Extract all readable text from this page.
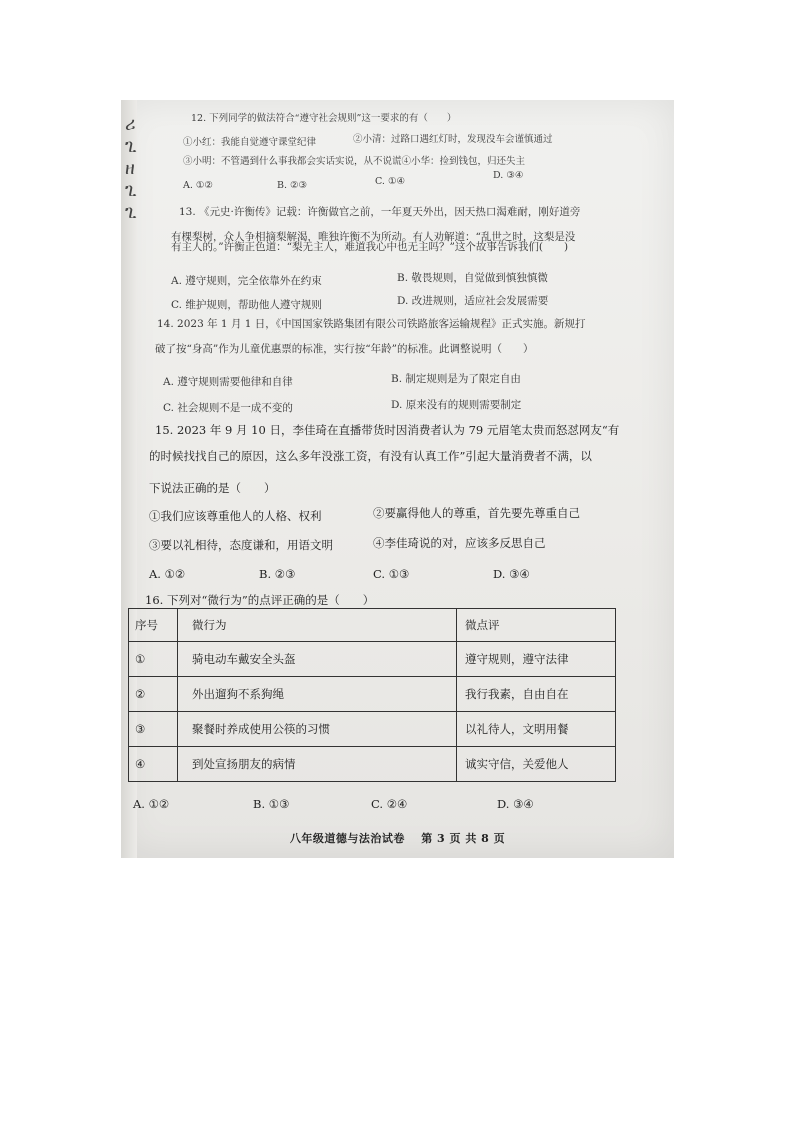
ሪ
ጊ
ዘ
ጊ
ጊ
12. 下列同学的做法符合“遵守社会规则”这一要求的有（　　）
①小红：我能自觉遵守课堂纪律	②小清：过路口遇红灯时，发现没车会谨慎通过
③小明：不管遇到什么事我都会实话实说，从不说谎④小华：捡到钱包，归还失主
A. ①②	B. ②③	C. ①④
D. ③④
13. 《元史·许衡传》记载：许衡做官之前，一年夏天外出，因天热口渴难耐，刚好道旁
有棵梨树，众人争相摘梨解渴，唯独许衡不为所动。有人劝解道：“乱世之时，这梨是没
有主人的。”许衡正色道：“梨无主人，难道我心中也无主吗？”这个故事告诉我们(　　)
A. 遵守规则，完全依靠外在约束	B. 敬畏规则，自觉做到慎独慎微
C. 维护规则，帮助他人遵守规则	D. 改进规则，适应社会发展需要
14. 2023 年 1 月 1 日，《中国国家铁路集团有限公司铁路旅客运输规程》正式实施。新规打
破了按“身高”作为儿童优惠票的标准，实行按“年龄”的标准。此调整说明（　　）
A. 遵守规则需要他律和自律	B. 制定规则是为了限定自由
C. 社会规则不是一成不变的	D. 原来没有的规则需要制定
15. 2023 年 9 月 10 日，李佳琦在直播带货时因消费者认为 79 元眉笔太贵而怒怼网友“有
的时候找找自己的原因，这么多年没涨工资，有没有认真工作”引起大量消费者不满，以
下说法正确的是（　　）
①我们应该尊重他人的人格、权利	②要赢得他人的尊重，首先要先尊重自己
③要以礼相待，态度谦和，用语文明	④李佳琦说的对，应该多反思自己
A. ①②	B. ②③	C. ①③	D. ③④
16. 下列对“微行为”的点评正确的是（　　）
序号	微行为	微点评
①	骑电动车戴安全头盔	遵守规则，遵守法律
②	外出遛狗不系狗绳	我行我素，自由自在
③	聚餐时养成使用公筷的习惯	以礼待人，文明用餐
④	到处宣扬朋友的病情	诚实守信，关爱他人
A. ①②	B. ①③	C. ②④	D. ③④
八年级道德与法治试卷 第 3 页 共 8 页
